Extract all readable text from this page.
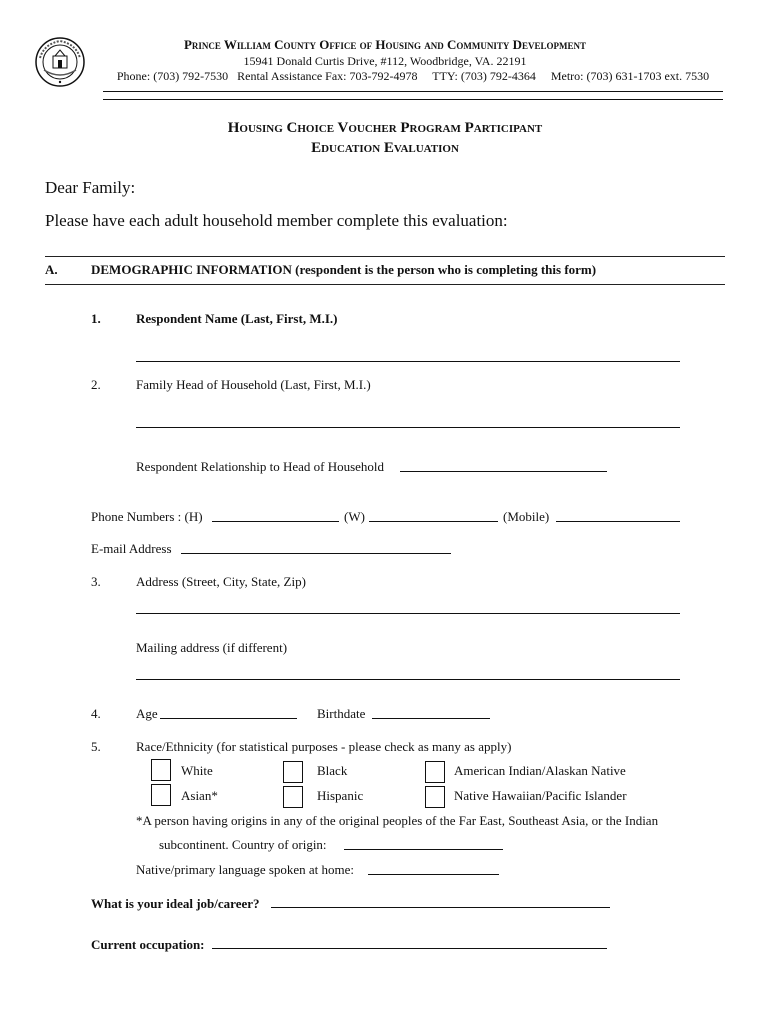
Prince William County Office of Housing and Community Development
15941 Donald Curtis Drive, #112, Woodbridge, VA. 22191
Phone: (703) 792-7530   Rental Assistance Fax: 703-792-4978     TTY: (703) 792-4364     Metro: (703) 631-1703 ext. 7530
Housing Choice Voucher Program Participant
Education Evaluation
Dear Family:
Please have each adult household member complete this evaluation:
A.	DEMOGRAPHIC INFORMATION (respondent is the person who is completing this form)
1.	Respondent Name (Last, First, M.I.)
2.	Family Head of Household (Last, First, M.I.)
Respondent Relationship to Head of Household
Phone Numbers : (H)	(W)	(Mobile)
E-mail Address
3.	Address (Street, City, State, Zip)
Mailing address (if different)
4.	Age	Birthdate
5.	Race/Ethnicity (for statistical purposes - please check as many as apply)
White	Black	American Indian/Alaskan Native
Asian*	Hispanic	Native Hawaiian/Pacific Islander
*A person having origins in any of the original peoples of the Far East, Southeast Asia, or the Indian
subcontinent. Country of origin:
Native/primary language spoken at home:
What is your ideal job/career?
Current occupation:
